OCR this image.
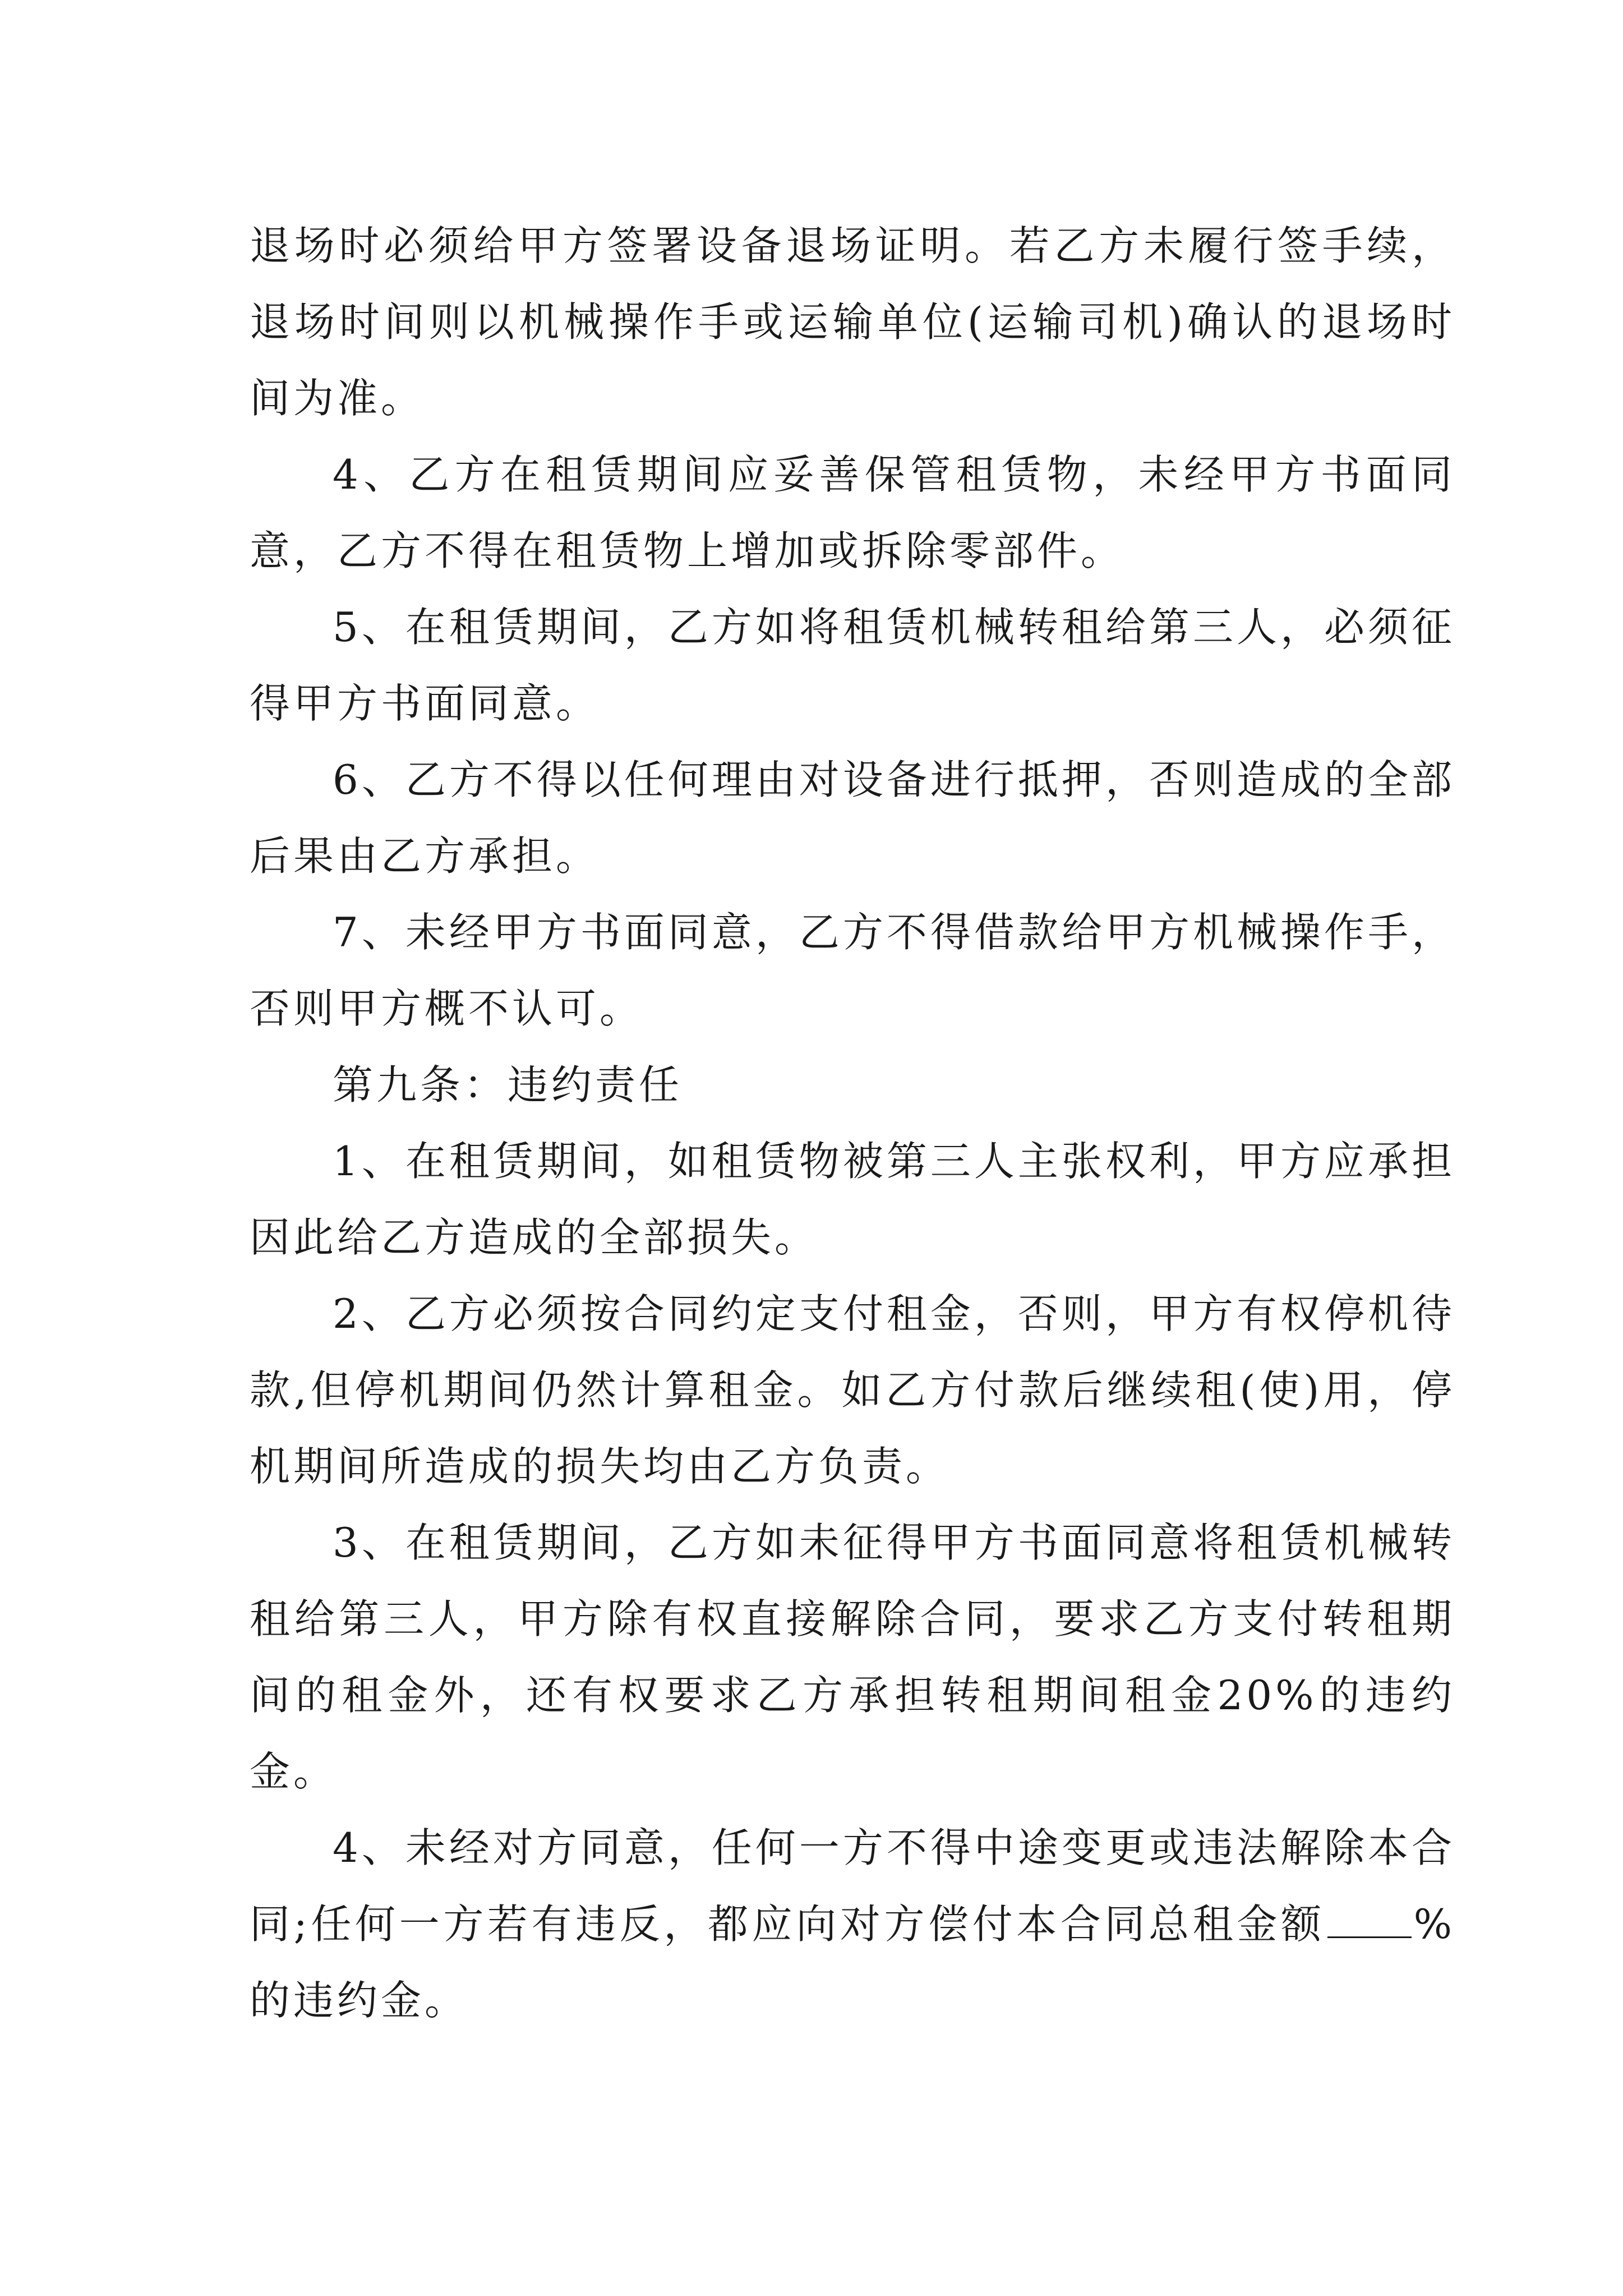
退场时必须给甲方签署设备退场证明。若乙方未履行签手续，退场时间则以机械操作手或运输单位(运输司机)确认的退场时间为准。

4、乙方在租赁期间应妥善保管租赁物，未经甲方书面同意，乙方不得在租赁物上增加或拆除零部件。

5、在租赁期间，乙方如将租赁机械转租给第三人，必须征得甲方书面同意。

6、乙方不得以任何理由对设备进行抵押，否则造成的全部后果由乙方承担。

7、未经甲方书面同意，乙方不得借款给甲方机械操作手，否则甲方概不认可。

第九条：违约责任

1、在租赁期间，如租赁物被第三人主张权利，甲方应承担因此给乙方造成的全部损失。

2、乙方必须按合同约定支付租金，否则，甲方有权停机待款,但停机期间仍然计算租金。如乙方付款后继续租(使)用，停机期间所造成的损失均由乙方负责。

3、在租赁期间，乙方如未征得甲方书面同意将租赁机械转租给第三人，甲方除有权直接解除合同，要求乙方支付转租期间的租金外，还有权要求乙方承担转租期间租金20%的违约金。

4、未经对方同意，任何一方不得中途变更或违法解除本合同;任何一方若有违反，都应向对方偿付本合同总租金额 %的违约金。
